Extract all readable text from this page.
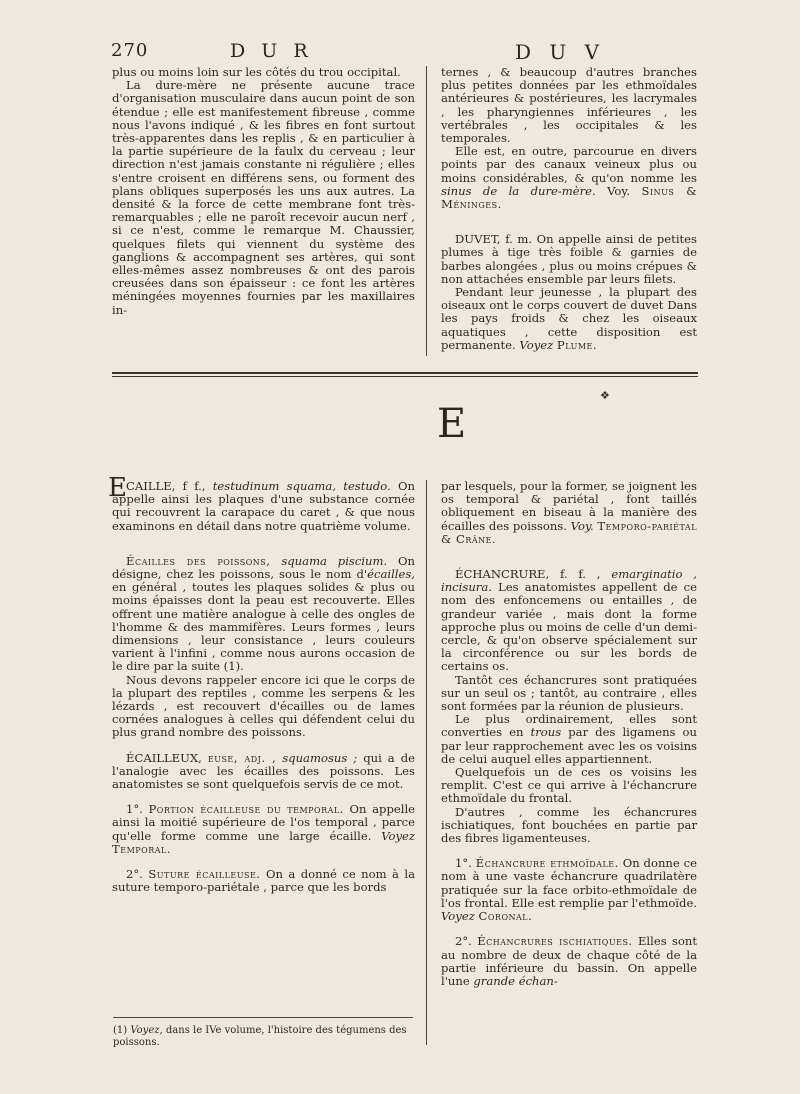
270	D U R	D U V

plus ou moins loin sur les côtés du trou occipital.

La dure-mère ne présente aucune trace d'organisation musculaire dans aucun point de son étendue ; elle est manifestement fibreuse , comme nous l'avons indiqué , & les fibres en font surtout très-apparentes dans les replis , & en particulier à la partie supérieure de la faulx du cerveau ; leur direction n'est jamais constante ni régulière ; elles s'entre croisent en différens sens, ou forment des plans obliques superposés les uns aux autres. La densité & la force de cette membrane font très-remarquables ; elle ne paroît recevoir aucun nerf , si ce n'est, comme le remarque M. Chaussier, quelques filets qui viennent du système des ganglions & accompagnent ses artères, qui sont elles-mêmes assez nombreuses & ont des parois creusées dans son épaisseur : ce font les artères méningées moyennes fournies par les maxillaires in-

ternes , & beaucoup d'autres branches plus petites données par les ethmoïdales antérieures & postérieures, les lacrymales , les pharyngiennes inférieures , les vertébrales , les occipitales & les temporales.

Elle est, en outre, parcourue en divers points par des canaux veineux plus ou moins considérables, & qu'on nomme les sinus de la dure-mère. Voy. Sinus & Méninges.

DUVET, f. m. On appelle ainsi de petites plumes à tige très foible & garnies de barbes alongées , plus ou moins crépues & non attachées ensemble par leurs filets.

Pendant leur jeunesse , la plupart des oiseaux ont le corps couvert de duvet Dans les pays froids & chez les oiseaux aquatiques , cette disposition est permanente. Voyez Plume.

❖
E

CAILLE, f f., testudinum squama, testudo. On appelle ainsi les plaques d'une substance cornée qui recouvrent la carapace du caret , & que nous examinons en détail dans notre quatrième volume.

Écailles des poissons, squama piscium. On désigne, chez les poissons, sous le nom d'écailles, en général , toutes les plaques solides & plus ou moins épaisses dont la peau est recouverte. Elles offrent une matière analogue à celle des ongles de l'homme & des mammifères. Leurs formes , leurs dimensions , leur consistance , leurs couleurs varient à l'infini , comme nous aurons occasion de le dire par la suite (1).

Nous devons rappeler encore ici que le corps de la plupart des reptiles , comme les serpens & les lézards , est recouvert d'écailles ou de lames cornées analogues à celles qui défendent celui du plus grand nombre des poissons.

ÉCAILLEUX, euse, adj. , squamosus ; qui a de l'analogie avec les écailles des poissons. Les anatomistes se sont quelquefois servis de ce mot.

1°. Portion écailleuse du temporal. On appelle ainsi la moitié supérieure de l'os temporal , parce qu'elle forme comme une large écaille. Voyez Temporal.

2°. Suture écailleuse. On a donné ce nom à la suture temporo-pariétale , parce que les bords

E	par lesquels, pour la former, se joignent les os temporal & pariétal , font taillés obliquement en biseau à la manière des écailles des poissons. Voy. Temporo-pariétal & Crâne.

ÉCHANCRURE, f. f. , emarginatio , incisura. Les anatomistes appellent de ce nom des enfoncemens ou entailles , de grandeur variée , mais dont la forme approche plus ou moins de celle d'un demi-cercle, & qu'on observe spécialement sur la circonférence ou sur les bords de certains os.

Tantôt ces échancrures sont pratiquées sur un seul os ; tantôt, au contraire , elles sont formées par la réunion de plusieurs.

Le plus ordinairement, elles sont converties en trous par des ligamens ou par leur rapprochement avec les os voisins de celui auquel elles appartiennent.

Quelquefois un de ces os voisins les remplit. C'est ce qui arrive à l'échancrure ethmoïdale du frontal.

D'autres , comme les échancrures ischiatiques, font bouchées en partie par des fibres ligamenteuses.

1°. Échancrure ethmoïdale. On donne ce nom à une vaste échancrure quadrilatère pratiquée sur la face orbito-ethmoïdale de l'os frontal. Elle est remplie par l'ethmoïde. Voyez Coronal.

2°. Échancrures ischiatiques. Elles sont au nombre de deux de chaque côté de la partie inférieure du bassin. On appelle l'une grande échan-

(1) Voyez, dans le IVe volume, l'histoire des tégumens des poissons.
